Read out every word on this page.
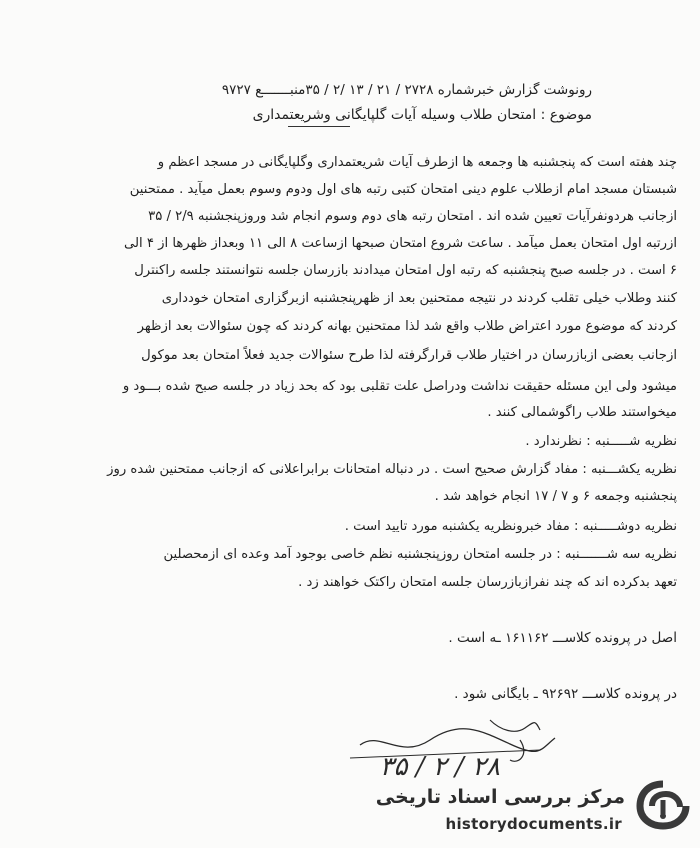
رونوشت گزارش خبرشماره ۲۷۲۸ / ۲۱ / ۱۳ /۲ / ۳۵منبـــــــع ۹۷۲۷
موضوع : امتحان طلاب وسیله آیات گلپایگانی وشریعتمداری
چند هفته است که پنجشنبه ها وجمعه ها ازطرف آیات شریعتمداری وگلپایگانی در مسجد اعظم و
شبستان مسجد امام ازطلاب علوم دینی امتحان کتبی رتبه های اول ودوم وسوم بعمل میآید . ممتحنین
ازجانب هردونفرآیات تعیین شده اند . امتحان رتبه های دوم وسوم انجام شد وروزپنجشنبه ۲/۹ / ۳۵
ازرتبه اول امتحان بعمل میآمد . ساعت شروع امتحان صبحها ازساعت ۸ الی ۱۱ وبعداز ظهرها از ۴ الی
۶ است . در جلسه صبح پنجشنبه که رتبه اول امتحان میدادند بازرسان جلسه نتوانستند جلسه راکنترل
کنند وطلاب خیلی تقلب کردند در نتیجه ممتحنین بعد از ظهرپنجشنبه ازبرگزاری امتحان خودداری
کردند که موضوع مورد اعتراض طلاب واقع شد لذا ممتحنین بهانه کردند که چون سئوالات بعد ازظهر
ازجانب بعضی ازبازرسان در اختیار طلاب قرارگرفته لذا طرح سئوالات جدید فعلاً امتحان بعد موکول
میشود ولی این مسئله حقیقت نداشت ودراصل علت تقلبی بود که بحد زیاد در جلسه صبح شده بـــود و
میخواستند طلاب راگوشمالی کنند .
نظریه شـــــنبه : نظرندارد .
نظریه یکشـــنبه : مفاد گزارش صحیح است . در دنباله امتحانات برابراعلانی که ازجانب ممتحنین شده روز
پنجشنبه وجمعه ۶ و ۷ / ۱۷ انجام خواهد شد .
نظریه دوشـــــنبه : مفاد خبرونظریه یکشنبه مورد تایید است .
نظریه سه شـــــــنبه : در جلسه امتحان روزپنجشنبه نظم خاصی بوجود آمد وعده ای ازمحصلین
تعهد بدکرده اند که چند نفرازبازرسان جلسه امتحان راکتک خواهند زد .
اصل در پرونده کلاســـ ۱۶۱۱۶۲ ـه است .
در پرونده کلاســـ ۹۲۶۹۲ ـ بایگانی شود .
۲۸ / ۲ / ۳۵
مرکز بررسی اسناد تاریخی
historydocuments.ir
